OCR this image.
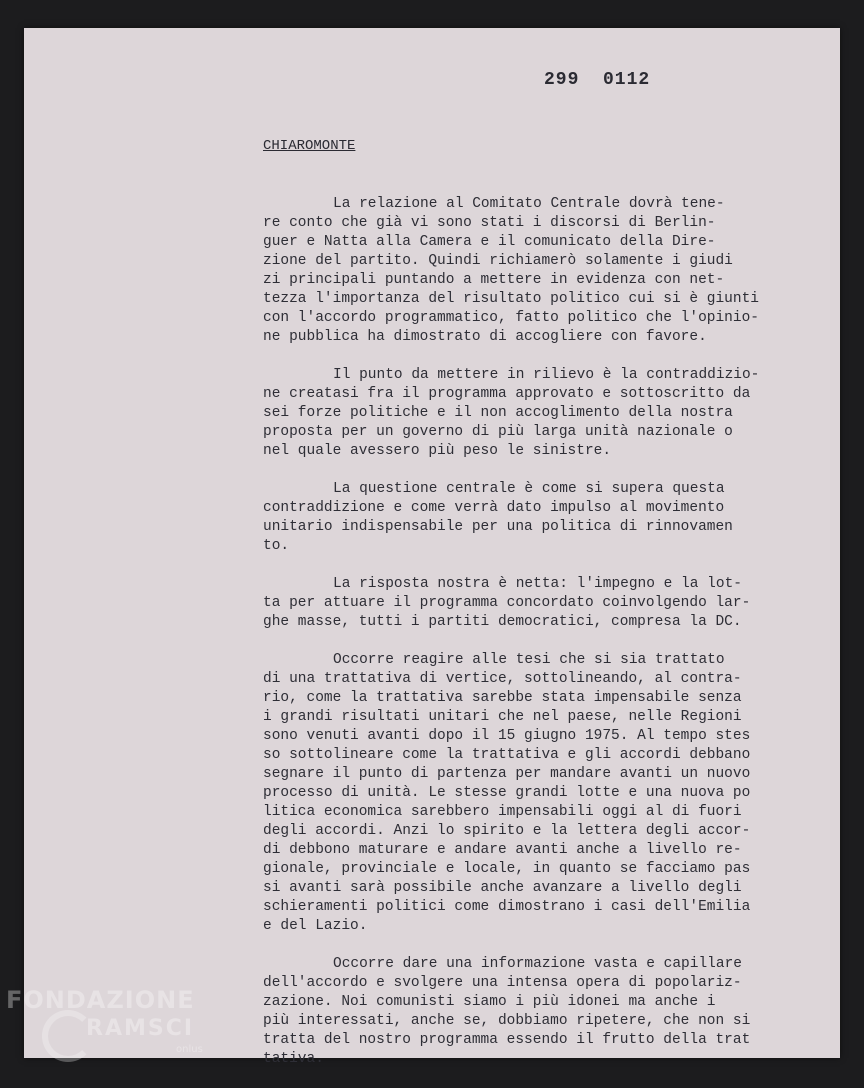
299  0112
CHIAROMONTE
La relazione al Comitato Centrale dovrà tene-
re conto che già vi sono stati i discorsi di Berlin-
guer e Natta alla Camera e il comunicato della Dire-
zione del partito. Quindi richiamerò solamente i giudi
zi principali puntando a mettere in evidenza con net-
tezza l'importanza del risultato politico cui si è giunti
con l'accordo programmatico, fatto politico che l'opinio-
ne pubblica ha dimostrato di accogliere con favore.
Il punto da mettere in rilievo è la contraddizio-
ne creatasi fra il programma approvato e sottoscritto da
sei forze politiche e il non accoglimento della nostra
proposta per un governo di più larga unità nazionale o
nel quale avessero più peso le sinistre.
La questione centrale è come si supera questa
contraddizione e come verrà dato impulso al movimento
unitario indispensabile per una politica di rinnovamen
to.
La risposta nostra è netta: l'impegno e la lot-
ta per attuare il programma concordato coinvolgendo lar-
ghe masse, tutti i partiti democratici, compresa la DC.
Occorre reagire alle tesi che si sia trattato
di una trattativa di vertice, sottolineando, al contra-
rio, come la trattativa sarebbe stata impensabile senza
i grandi risultati unitari che nel paese, nelle Regioni
sono venuti avanti dopo il 15 giugno 1975. Al tempo stes
so sottolineare come la trattativa e gli accordi debbano
segnare il punto di partenza per mandare avanti un nuovo
processo di unità. Le stesse grandi lotte e una nuova po
litica economica sarebbero impensabili oggi al di fuori
degli accordi. Anzi lo spirito e la lettera degli accor-
di debbono maturare e andare avanti anche a livello re-
gionale, provinciale e locale, in quanto se facciamo pas
si avanti sarà possibile anche avanzare a livello degli
schieramenti politici come dimostrano i casi dell'Emilia
e del Lazio.
Occorre dare una informazione vasta e capillare
dell'accordo e svolgere una intensa opera di popolariz-
zazione. Noi comunisti siamo i più idonei ma anche i
più interessati, anche se, dobbiamo ripetere, che non si
tratta del nostro programma essendo il frutto della trat
tativa.
FONDAZIONE
RAMSCI
onlus
